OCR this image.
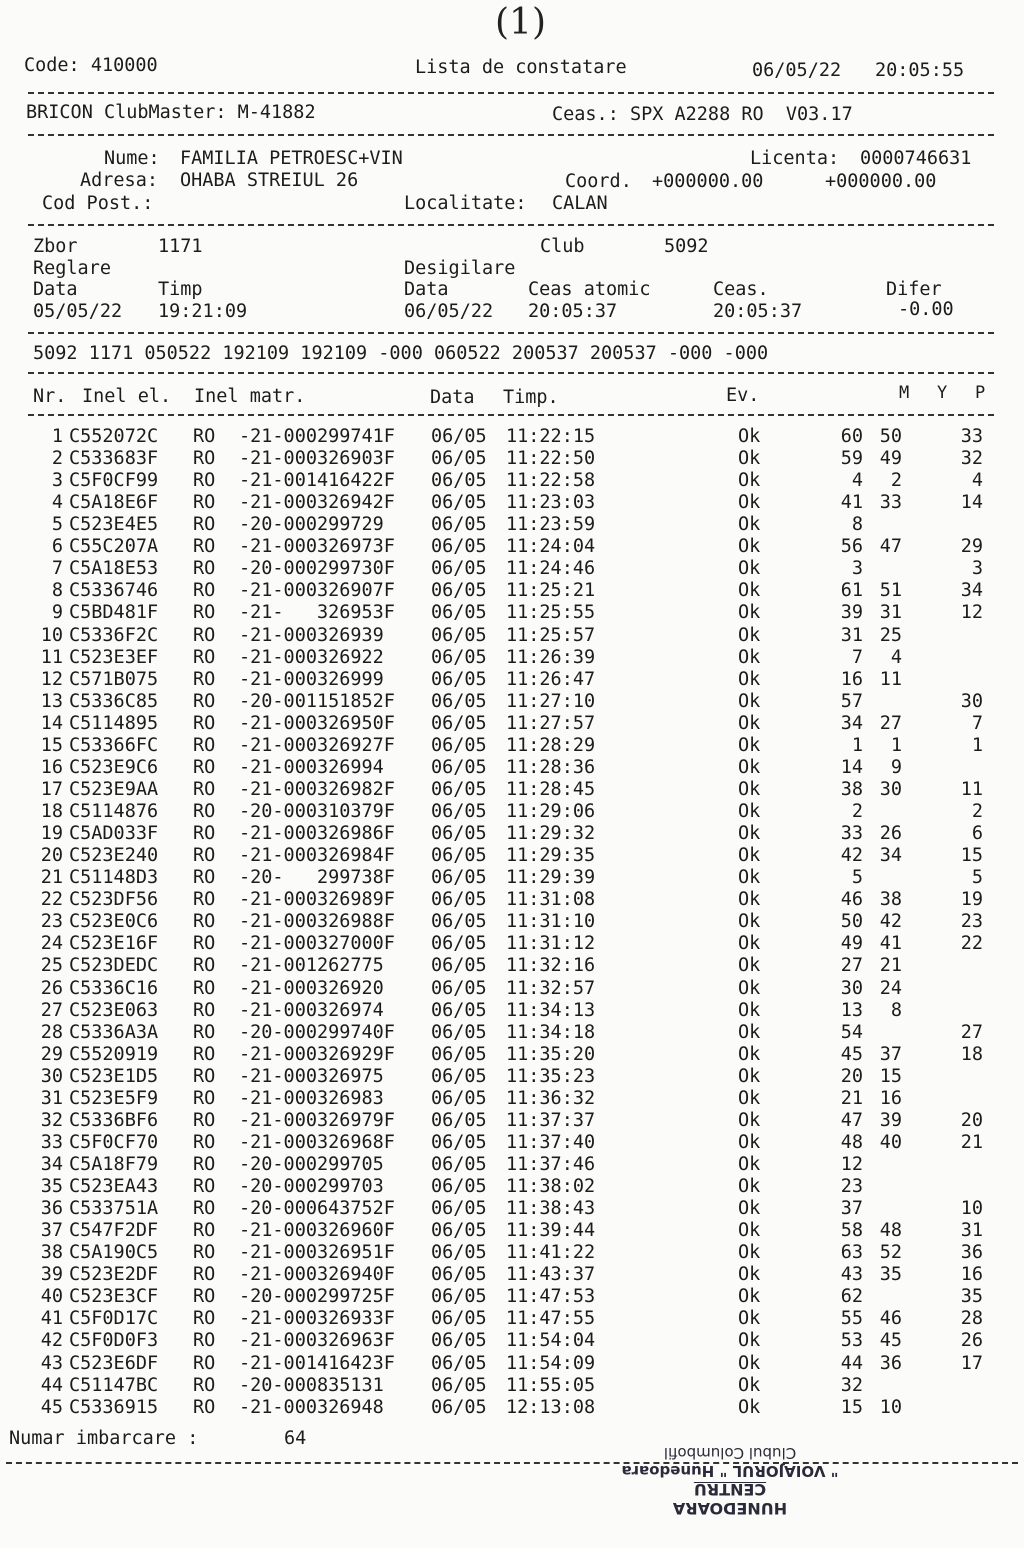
(1)
Code: 410000	Lista de constatare	06/05/22 20:05:55
BRICON ClubMaster: M-41882	Ceas.: SPX A2288 RO  V03.17
Nume: FAMILIA PETROESC+VIN	Licenta: 0000746631
Adresa: OHABA STREIUL 26	Coord. +000000.00	+000000.00
Cod Post.:	Localitate: CALAN
Zbor	1171	Club	5092
Reglare	Desigilare
Data	Timp	Data	Ceas atomic	Ceas.	Difer
05/05/22 19:21:09	06/05/22 20:05:37	20:05:37	-0.00
5092 1171 050522 192109 192109 -000 060522 200537 200537 -000 -000
Nr. Inel el. Inel matr.	Data Timp.	Ev.	M Y P
1 C552072C RO -21-000299741F 06/05 11:22:15	Ok	60 50	33
2 C533683F RO -21-000326903F 06/05 11:22:50	Ok	59 49	32
3 C5F0CF99 RO -21-001416422F 06/05 11:22:58	Ok	4 2	4
4 C5A18E6F RO -21-000326942F 06/05 11:23:03	Ok	41 33	14
5 C523E4E5 RO -20-000299729	06/05 11:23:59	Ok	8
6 C55C207A RO -21-000326973F 06/05 11:24:04	Ok	56 47	29
7 C5A18E53 RO -20-000299730F 06/05 11:24:46	Ok	3	3
8 C5336746 RO -21-000326907F 06/05 11:25:21	Ok	61 51	34
9 C5BD481F RO -21-   326953F 06/05 11:25:55	Ok	39 31	12
10 C5336F2C RO -21-000326939	06/05 11:25:57	Ok	31 25
11 C523E3EF RO -21-000326922	06/05 11:26:39	Ok	7 4
12 C571B075 RO -21-000326999	06/05 11:26:47	Ok	16 11
13 C5336C85 RO -20-001151852F 06/05 11:27:10	Ok	57	30
14 C5114895 RO -21-000326950F 06/05 11:27:57	Ok	34 27	7
15 C53366FC RO -21-000326927F 06/05 11:28:29	Ok	1 1	1
16 C523E9C6 RO -21-000326994	06/05 11:28:36	Ok	14 9
17 C523E9AA RO -21-000326982F 06/05 11:28:45	Ok	38 30	11
18 C5114876 RO -20-000310379F 06/05 11:29:06	Ok	2	2
19 C5AD033F RO -21-000326986F 06/05 11:29:32	Ok	33 26	6
20 C523E240 RO -21-000326984F 06/05 11:29:35	Ok	42 34	15
21 C51148D3 RO -20-   299738F 06/05 11:29:39	Ok	5	5
22 C523DF56 RO -21-000326989F 06/05 11:31:08	Ok	46 38	19
23 C523E0C6 RO -21-000326988F 06/05 11:31:10	Ok	50 42	23
24 C523E16F RO -21-000327000F 06/05 11:31:12	Ok	49 41	22
25 C523DEDC RO -21-001262775	06/05 11:32:16	Ok	27 21
26 C5336C16 RO -21-000326920	06/05 11:32:57	Ok	30 24
27 C523E063 RO -21-000326974	06/05 11:34:13	Ok	13 8
28 C5336A3A RO -20-000299740F 06/05 11:34:18	Ok	54	27
29 C5520919 RO -21-000326929F 06/05 11:35:20	Ok	45 37	18
30 C523E1D5 RO -21-000326975	06/05 11:35:23	Ok	20 15
31 C523E5F9 RO -21-000326983	06/05 11:36:32	Ok	21 16
32 C5336BF6 RO -21-000326979F 06/05 11:37:37	Ok	47 39	20
33 C5F0CF70 RO -21-000326968F 06/05 11:37:40	Ok	48 40	21
34 C5A18F79 RO -20-000299705	06/05 11:37:46	Ok	12
35 C523EA43 RO -20-000299703	06/05 11:38:02	Ok	23
36 C533751A RO -20-000643752F 06/05 11:38:43	Ok	37	10
37 C547F2DF RO -21-000326960F 06/05 11:39:44	Ok	58 48	31
38 C5A190C5 RO -21-000326951F 06/05 11:41:22	Ok	63 52	36
39 C523E2DF RO -21-000326940F 06/05 11:43:37	Ok	43 35	16
40 C523E3CF RO -20-000299725F 06/05 11:47:53	Ok	62	35
41 C5F0D17C RO -21-000326933F 06/05 11:47:55	Ok	55 46	28
42 C5F0D0F3 RO -21-000326963F 06/05 11:54:04	Ok	53 45	26
43 C523E6DF RO -21-001416423F 06/05 11:54:09	Ok	44 36	17
44 C51147BC RO -20-000835131	06/05 11:55:05	Ok	32
45 C5336915 RO -21-000326948	06/05 12:13:08	Ok	15 10
Numar imbarcare :	64
HUNEDOARA
CENTRU
" VOIAJORUL " Hunedoara
Clubul Columbofil
